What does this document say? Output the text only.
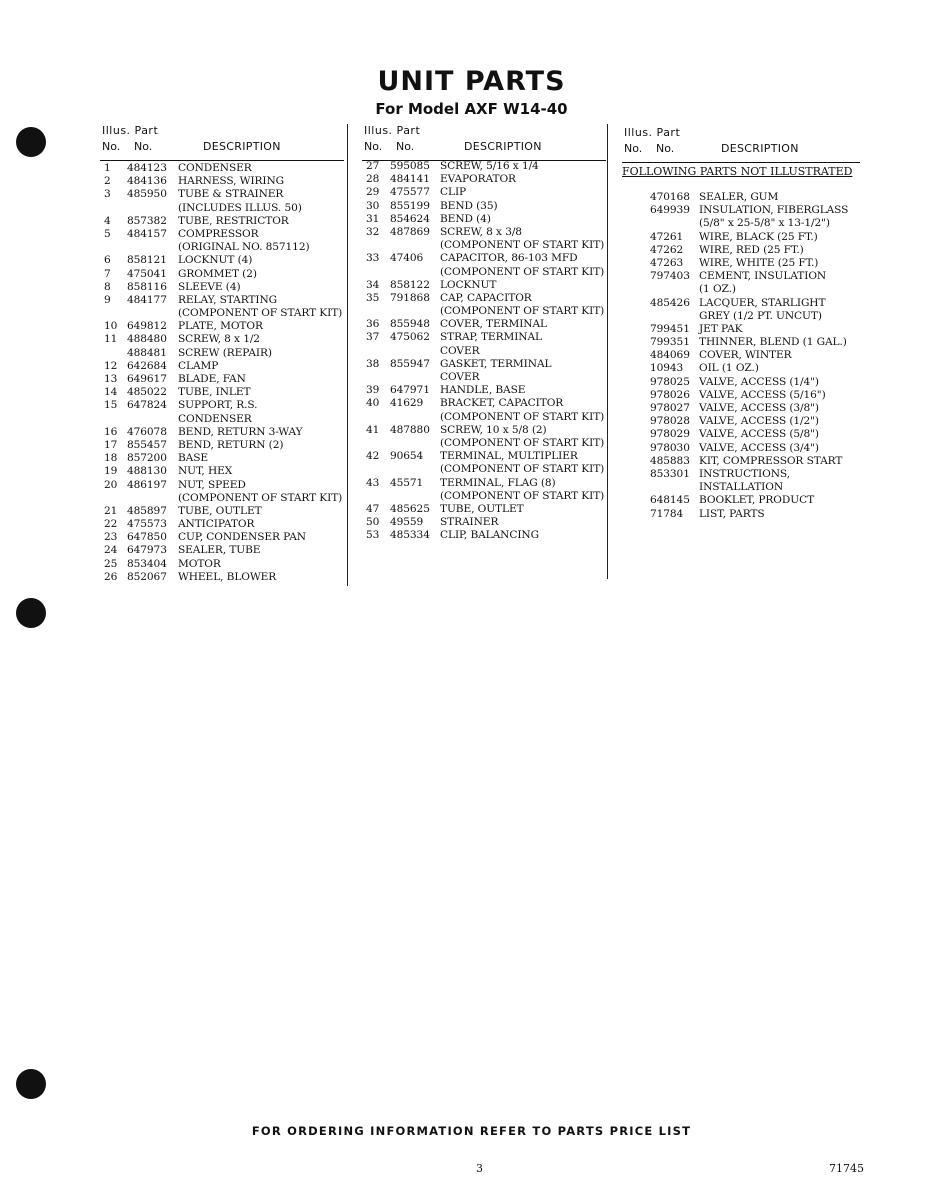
UNIT PARTS
For Model AXF W14-40
Illus. Part
No. No.	DESCRIPTION
1 484123 CONDENSER
2 484136 HARNESS, WIRING
3 485950 TUBE & STRAINER
(INCLUDES ILLUS. 50)
4 857382 TUBE, RESTRICTOR
5 484157 COMPRESSOR
(ORIGINAL NO. 857112)
6 858121 LOCKNUT (4)
7 475041 GROMMET (2)
8 858116 SLEEVE (4)
9 484177 RELAY, STARTING
(COMPONENT OF START KIT)
10 649812 PLATE, MOTOR
11 488480 SCREW, 8 x 1/2
488481 SCREW (REPAIR)
12 642684 CLAMP
13 649617 BLADE, FAN
14 485022 TUBE, INLET
15 647824 SUPPORT, R.S.
CONDENSER
16 476078 BEND, RETURN 3-WAY
17 855457 BEND, RETURN (2)
18 857200 BASE
19 488130 NUT, HEX
20 486197 NUT, SPEED
(COMPONENT OF START KIT)
21 485897 TUBE, OUTLET
22 475573 ANTICIPATOR
23 647850 CUP, CONDENSER PAN
24 647973 SEALER, TUBE
25 853404 MOTOR
26 852067 WHEEL, BLOWER
Illus. Part
No. No.	DESCRIPTION
27 595085 SCREW, 5/16 x 1/4
28 484141 EVAPORATOR
29 475577 CLIP
30 855199 BEND (35)
31 854624 BEND (4)
32 487869 SCREW, 8 x 3/8
(COMPONENT OF START KIT)
33 47406 CAPACITOR, 86-103 MFD
(COMPONENT OF START KIT)
34 858122 LOCKNUT
35 791868 CAP, CAPACITOR
(COMPONENT OF START KIT)
36 855948 COVER, TERMINAL
37 475062 STRAP, TERMINAL
COVER
38 855947 GASKET, TERMINAL
COVER
39 647971 HANDLE, BASE
40 41629 BRACKET, CAPACITOR
(COMPONENT OF START KIT)
41 487880 SCREW, 10 x 5/8 (2)
(COMPONENT OF START KIT)
42 90654 TERMINAL, MULTIPLIER
(COMPONENT OF START KIT)
43 45571 TERMINAL, FLAG (8)
(COMPONENT OF START KIT)
47 485625 TUBE, OUTLET
50 49559 STRAINER
53 485334 CLIP, BALANCING
Illus. Part
No. No.	DESCRIPTION
FOLLOWING PARTS NOT ILLUSTRATED
470168 SEALER, GUM
649939 INSULATION, FIBERGLASS
(5/8" x 25-5/8" x 13-1/2")
47261 WIRE, BLACK (25 FT.)
47262 WIRE, RED (25 FT.)
47263 WIRE, WHITE (25 FT.)
797403 CEMENT, INSULATION
(1 OZ.)
485426 LACQUER, STARLIGHT
GREY (1/2 PT. UNCUT)
799451 JET PAK
799351 THINNER, BLEND (1 GAL.)
484069 COVER, WINTER
10943 OIL (1 OZ.)
978025 VALVE, ACCESS (1/4")
978026 VALVE, ACCESS (5/16")
978027 VALVE, ACCESS (3/8")
978028 VALVE, ACCESS (1/2")
978029 VALVE, ACCESS (5/8")
978030 VALVE, ACCESS (3/4")
485883 KIT, COMPRESSOR START
853301 INSTRUCTIONS,
INSTALLATION
648145 BOOKLET, PRODUCT
71784 LIST, PARTS
FOR ORDERING INFORMATION REFER TO PARTS PRICE LIST
3	71745
